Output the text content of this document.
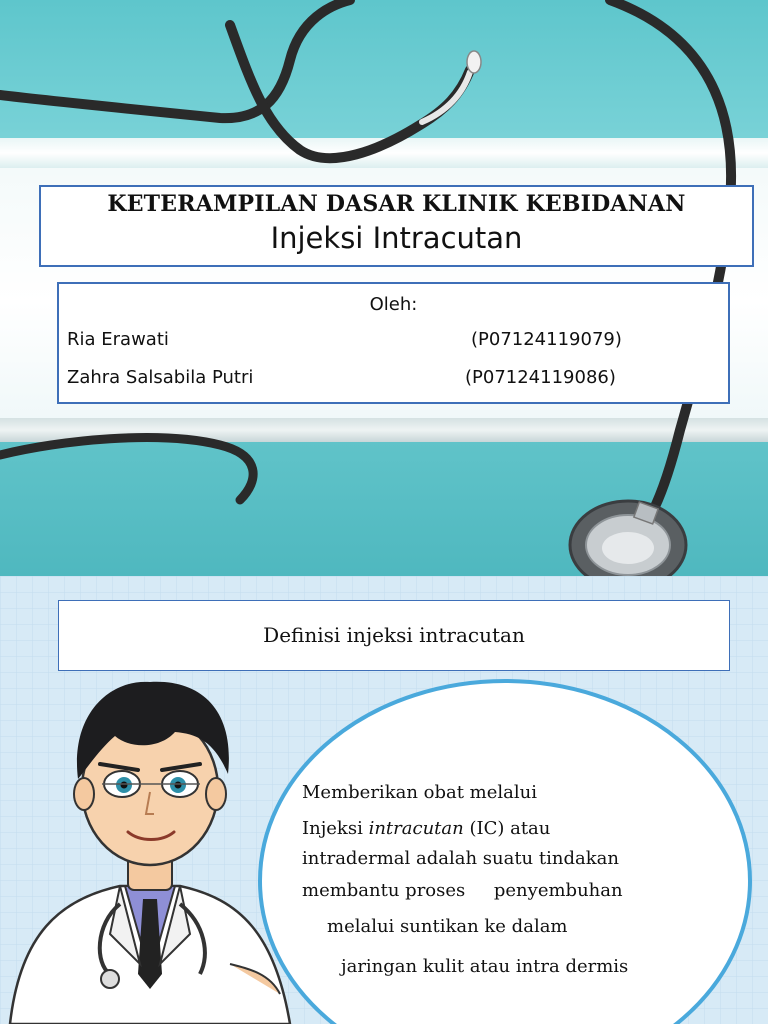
KETERAMPILAN DASAR KLINIK KEBIDANAN
Injeksi Intracutan
Oleh:
Ria Erawati	(P07124119079)
Zahra Salsabila Putri	(P07124119086)
Definisi injeksi intracutan
Memberikan obat melalui
Injeksi intracutan (IC) atau
intradermal adalah suatu tindakan
membantu proses     penyembuhan
melalui suntikan ke dalam
jaringan kulit atau intra dermis
